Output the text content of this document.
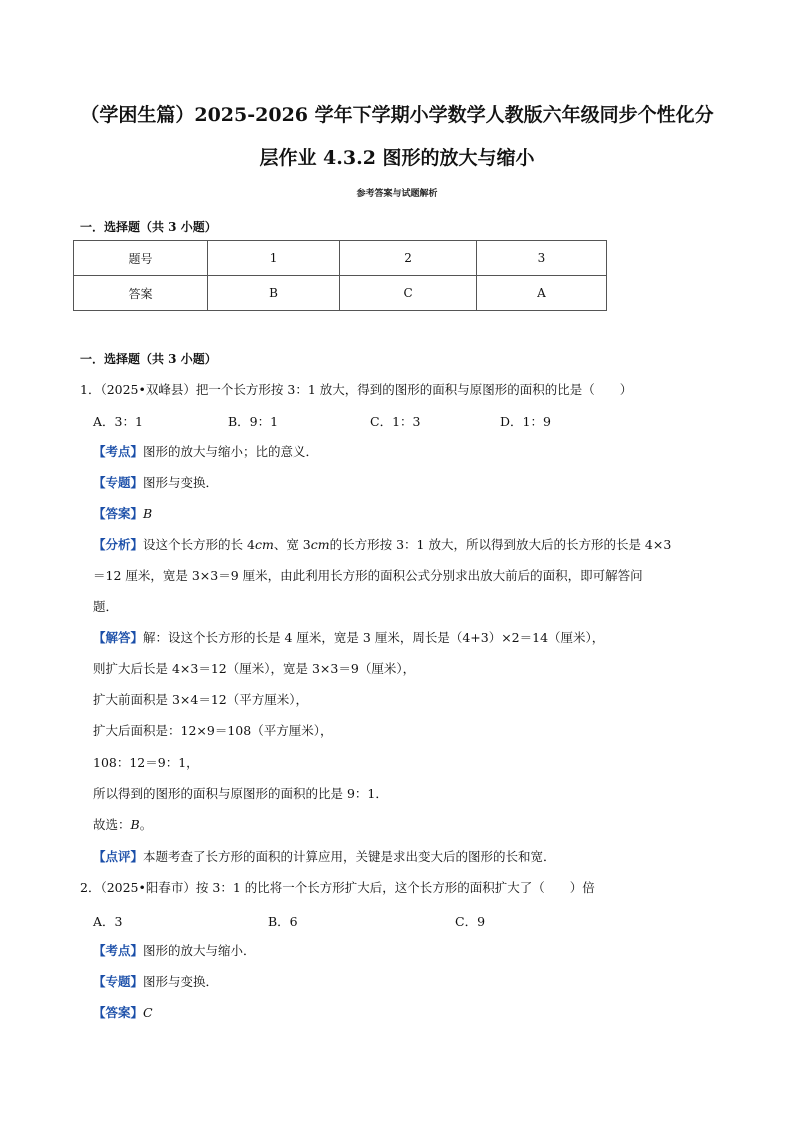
（学困生篇）2025-2026 学年下学期小学数学人教版六年级同步个性化分
层作业 4.3.2 图形的放大与缩小
参考答案与试题解析
一．选择题（共 3 小题）
题号	1	2	3
答案	B	C	A
一．选择题（共 3 小题）
1．（2025•双峰县）把一个长方形按 3：1 放大，得到的图形的面积与原图形的面积的比是（　　）
A．3：1	B．9：1	C．1：3	D．1：9
【考点】图形的放大与缩小；比的意义．
【专题】图形与变换．
【答案】B
【分析】设这个长方形的长 4cm、宽 3cm的长方形按 3：1 放大，所以得到放大后的长方形的长是 4×3
＝12 厘米，宽是 3×3＝9 厘米，由此利用长方形的面积公式分别求出放大前后的面积，即可解答问
题．
【解答】解：设这个长方形的长是 4 厘米，宽是 3 厘米，周长是（4+3）×2＝14（厘米），
则扩大后长是 4×3＝12（厘米），宽是 3×3＝9（厘米），
扩大前面积是 3×4＝12（平方厘米），
扩大后面积是：12×9＝108（平方厘米），
108：12＝9：1，
所以得到的图形的面积与原图形的面积的比是 9：1．
故选：B。
【点评】本题考查了长方形的面积的计算应用，关键是求出变大后的图形的长和宽．
2．（2025•阳春市）按 3：1 的比将一个长方形扩大后，这个长方形的面积扩大了（　　）倍
A．3	B．6	C．9
【考点】图形的放大与缩小．
【专题】图形与变换．
【答案】C
